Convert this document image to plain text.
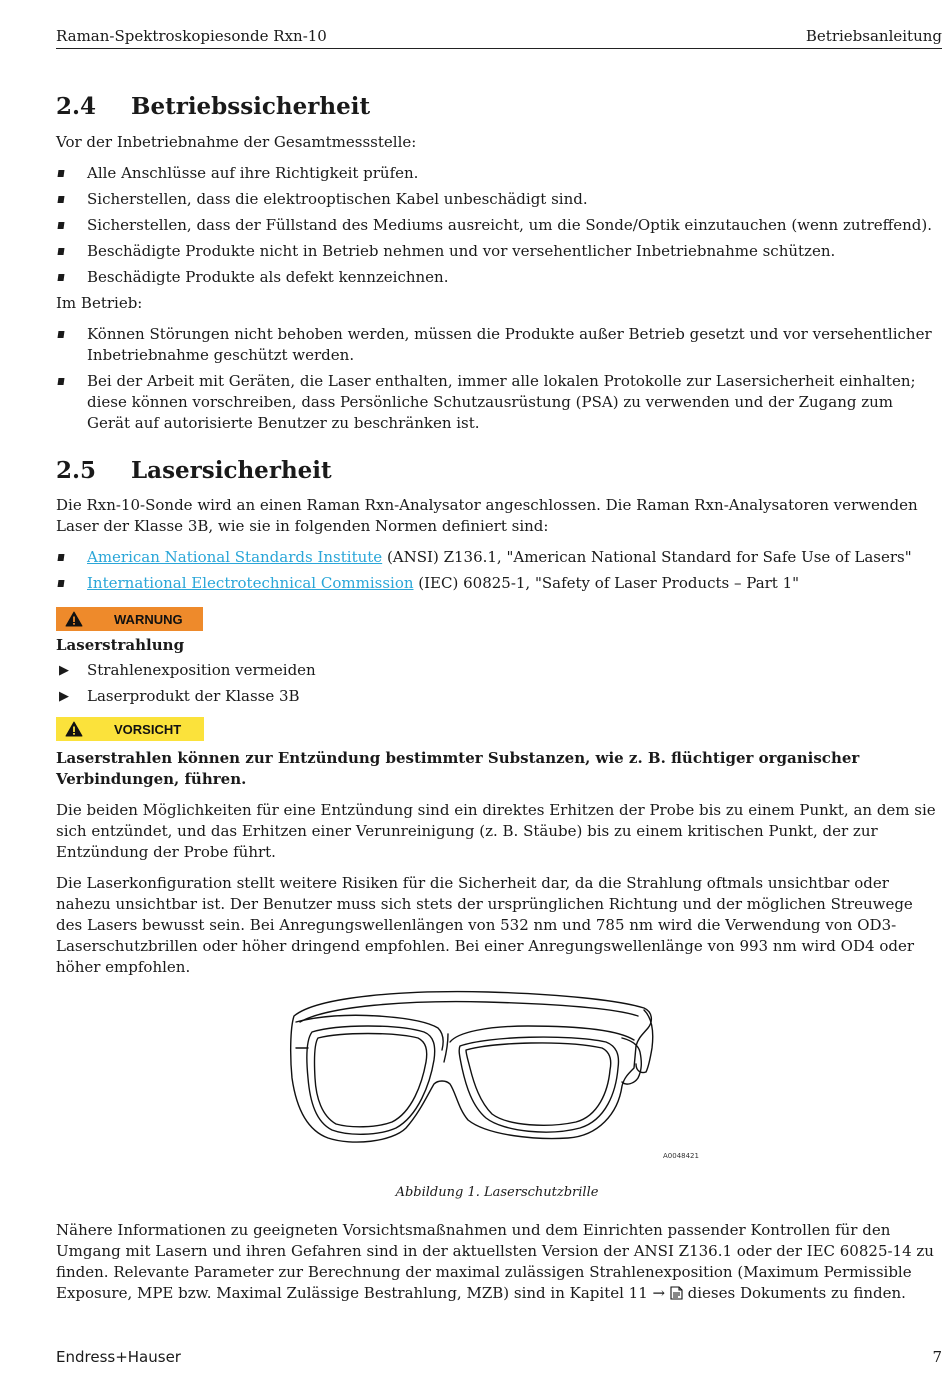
Raman-Spektroskopiesonde Rxn-10	Betriebsanleitung
2.4	Betriebssicherheit

Vor der Inbetriebnahme der Gesamtmessstelle:

Alle Anschlüsse auf ihre Richtigkeit prüfen.
Sicherstellen, dass die elektrooptischen Kabel unbeschädigt sind.
Sicherstellen, dass der Füllstand des Mediums ausreicht, um die Sonde/Optik einzutauchen (wenn zutreffend).
Beschädigte Produkte nicht in Betrieb nehmen und vor versehentlicher Inbetriebnahme schützen.
Beschädigte Produkte als defekt kennzeichnen.

Im Betrieb:

Können Störungen nicht behoben werden, müssen die Produkte außer Betrieb gesetzt und vor versehentlicher Inbetriebnahme geschützt werden.
Bei der Arbeit mit Geräten, die Laser enthalten, immer alle lokalen Protokolle zur Lasersicherheit einhalten; diese können vorschreiben, dass Persönliche Schutzausrüstung (PSA) zu verwenden und der Zugang zum Gerät auf autorisierte Benutzer zu beschränken ist.
2.5	Lasersicherheit

Die Rxn-10-Sonde wird an einen Raman Rxn-Analysator angeschlossen. Die Raman Rxn-Analysatoren verwenden Laser der Klasse 3B, wie sie in folgenden Normen definiert sind:

American National Standards Institute (ANSI) Z136.1, "American National Standard for Safe Use of Lasers"
International Electrotechnical Commission (IEC) 60825-1, "Safety of Laser Products – Part 1"
WARNUNG

Laserstrahlung

▶ Strahlenexposition vermeiden
▶ Laserprodukt der Klasse 3B
VORSICHT

Laserstrahlen können zur Entzündung bestimmter Substanzen, wie z. B. flüchtiger organischer Verbindungen, führen.

Die beiden Möglichkeiten für eine Entzündung sind ein direktes Erhitzen der Probe bis zu einem Punkt, an dem sie sich entzündet, und das Erhitzen einer Verunreinigung (z. B. Stäube) bis zu einem kritischen Punkt, der zur Entzündung der Probe führt.

Die Laserkonfiguration stellt weitere Risiken für die Sicherheit dar, da die Strahlung oftmals unsichtbar oder nahezu unsichtbar ist. Der Benutzer muss sich stets der ursprünglichen Richtung und der möglichen Streuwege des Lasers bewusst sein. Bei Anregungswellenlängen von 532 nm und 785 nm wird die Verwendung von OD3-Laserschutzbrillen oder höher dringend empfohlen. Bei einer Anregungswellenlänge von 993 nm wird OD4 oder höher empfohlen.

A0048421

Abbildung 1. Laserschutzbrille

Nähere Informationen zu geeigneten Vorsichtsmaßnahmen und dem Einrichten passender Kontrollen für den Umgang mit Lasern und ihren Gefahren sind in der aktuellsten Version der ANSI Z136.1 oder der IEC 60825-14 zu finden. Relevante Parameter zur Berechnung der maximal zulässigen Strahlenexposition (Maximum Permissible Exposure, MPE bzw. Maximal Zulässige Bestrahlung, MZB) sind in Kapitel 11 →  dieses Dokuments zu finden.

Endress+Hauser	7
